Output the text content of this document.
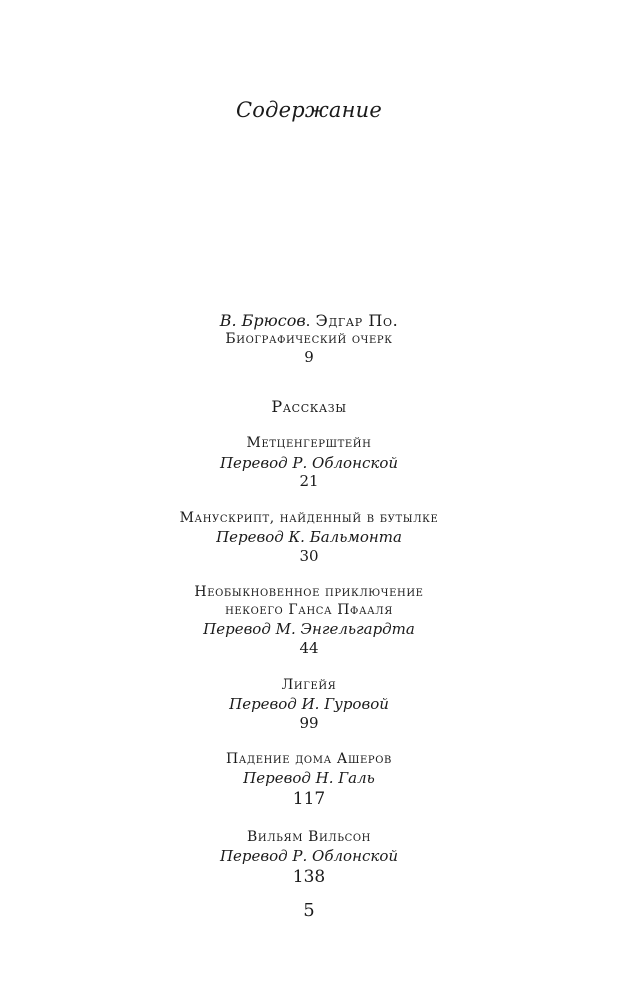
Содержание
В. Брюсов. Эдгар По.
Биографический очерк
9
Рассказы
Метценгерштейн
Перевод Р. Облонской
21
Манускрипт, найденный в бутылке
Перевод К. Бальмонта
30
Необыкновенное приключение
некоего Ганса Пфааля
Перевод М. Энгельгардта
44
Лигейя
Перевод И. Гуровой
99
Падение дома Ашеров
Перевод Н. Галь
117
Вильям Вильсон
Перевод Р. Облонской
138
5
